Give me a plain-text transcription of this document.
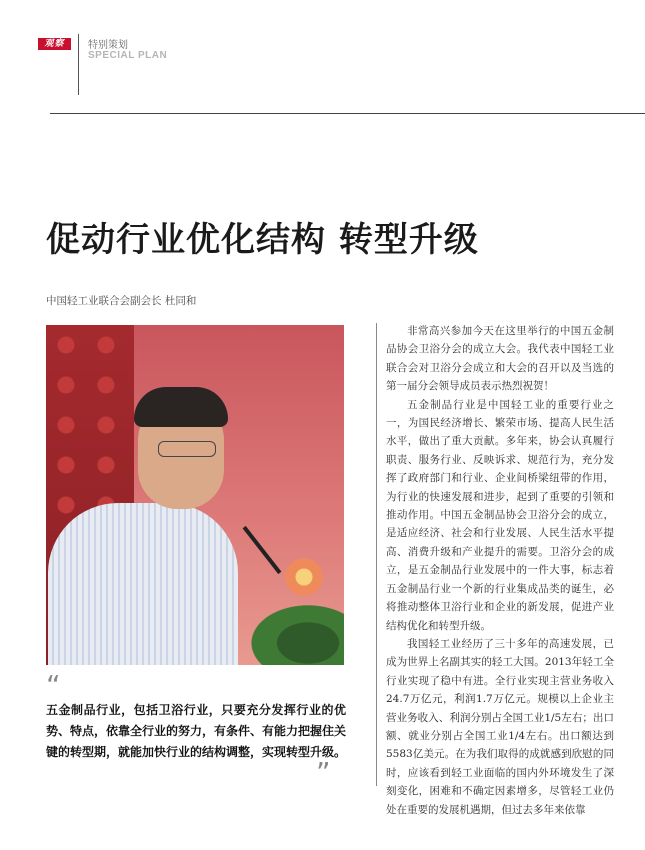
观察	特别策划
SPECIAL PLAN
促动行业优化结构 转型升级
中国轻工业联合会副会长 杜同和
“
五金制品行业，包括卫浴行业，只要充分发挥行业的优势、特点，依靠全行业的努力，有条件、有能力把握住关键的转型期，就能加快行业的结构调整，实现转型升级。
”

非常高兴参加今天在这里举行的中国五金制品协会卫浴分会的成立大会。我代表中国轻工业联合会对卫浴分会成立和大会的召开以及当选的第一届分会领导成员表示热烈祝贺！

五金制品行业是中国轻工业的重要行业之一，为国民经济增长、繁荣市场、提高人民生活水平，做出了重大贡献。多年来，协会认真履行职责、服务行业、反映诉求、规范行为，充分发挥了政府部门和行业、企业间桥梁纽带的作用，为行业的快速发展和进步，起到了重要的引领和推动作用。中国五金制品协会卫浴分会的成立，是适应经济、社会和行业发展、人民生活水平提高、消费升级和产业提升的需要。卫浴分会的成立，是五金制品行业发展中的一件大事，标志着五金制品行业一个新的行业集成品类的诞生，必将推动整体卫浴行业和企业的新发展，促进产业结构优化和转型升级。

我国轻工业经历了三十多年的高速发展，已成为世界上名副其实的轻工大国。2013年轻工全行业实现了稳中有进。全行业实现主营业务收入24.7万亿元，利润1.7万亿元。规模以上企业主营业务收入、利润分别占全国工业1/5左右；出口额、就业分别占全国工业1/4左右。出口额达到5583亿美元。在为我们取得的成就感到欣慰的同时，应该看到轻工业面临的国内外环境发生了深刻变化，困难和不确定因素增多，尽管轻工业仍处在重要的发展机遇期，但过去多年来依靠
